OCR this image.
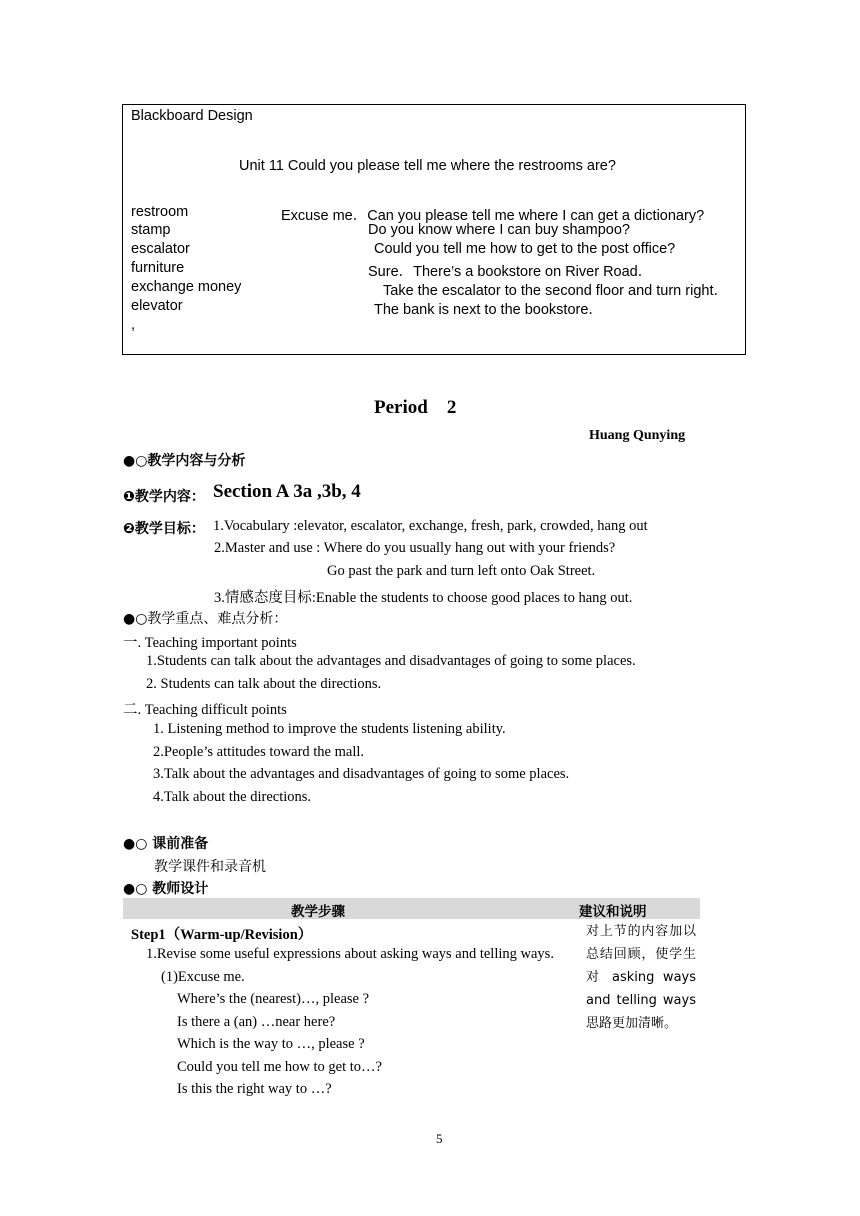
Blackboard Design
Unit 11 Could you please tell me where the restrooms are?
restroom
stamp
escalator
furniture
exchange money
elevator
,
Excuse me．Can you please tell me where I can get a dictionary?
Do you know where I can buy shampoo?
Could you tell me how to get to the post office?
Sure．There’s a bookstore on River Road．
Take the escalator to the second floor and turn right．
The bank is next to the bookstore．
Period　2
Huang Qunying
●○教学内容与分析
❶教学内容： Section A 3a ,3b, 4
❷教学目标： 1.Vocabulary :elevator, escalator, exchange, fresh, park, crowded, hang out
2.Master and use : Where do you usually hang out with your friends?
Go past the park and turn left onto Oak Street.
3.情感态度目标:Enable the students to choose good places to hang out.
●○教学重点、难点分析：
一. Teaching important points
1.Students can talk about the advantages and disadvantages of going to some places.
2. Students can talk about the directions.
二. Teaching difficult points
1. Listening method to improve the students listening ability.
2.People’s attitudes toward the mall.
3.Talk about the advantages and disadvantages of going to some places.
4.Talk about the directions.
●○ 课前准备
教学课件和录音机
●○ 教师设计
教学步骤	建议和说明
Step1（Warm-up/Revision）
1.Revise some useful expressions about asking ways and telling ways.
(1)Excuse me.
Where’s the (nearest)…, please ?
Is there a (an) …near here?
Which is the way to …, please ?
Could you tell me how to get to…?
Is this the right way to …?
对上节的内容加以总结回顾，使学生对 asking ways and telling ways思路更加清晰。
5
